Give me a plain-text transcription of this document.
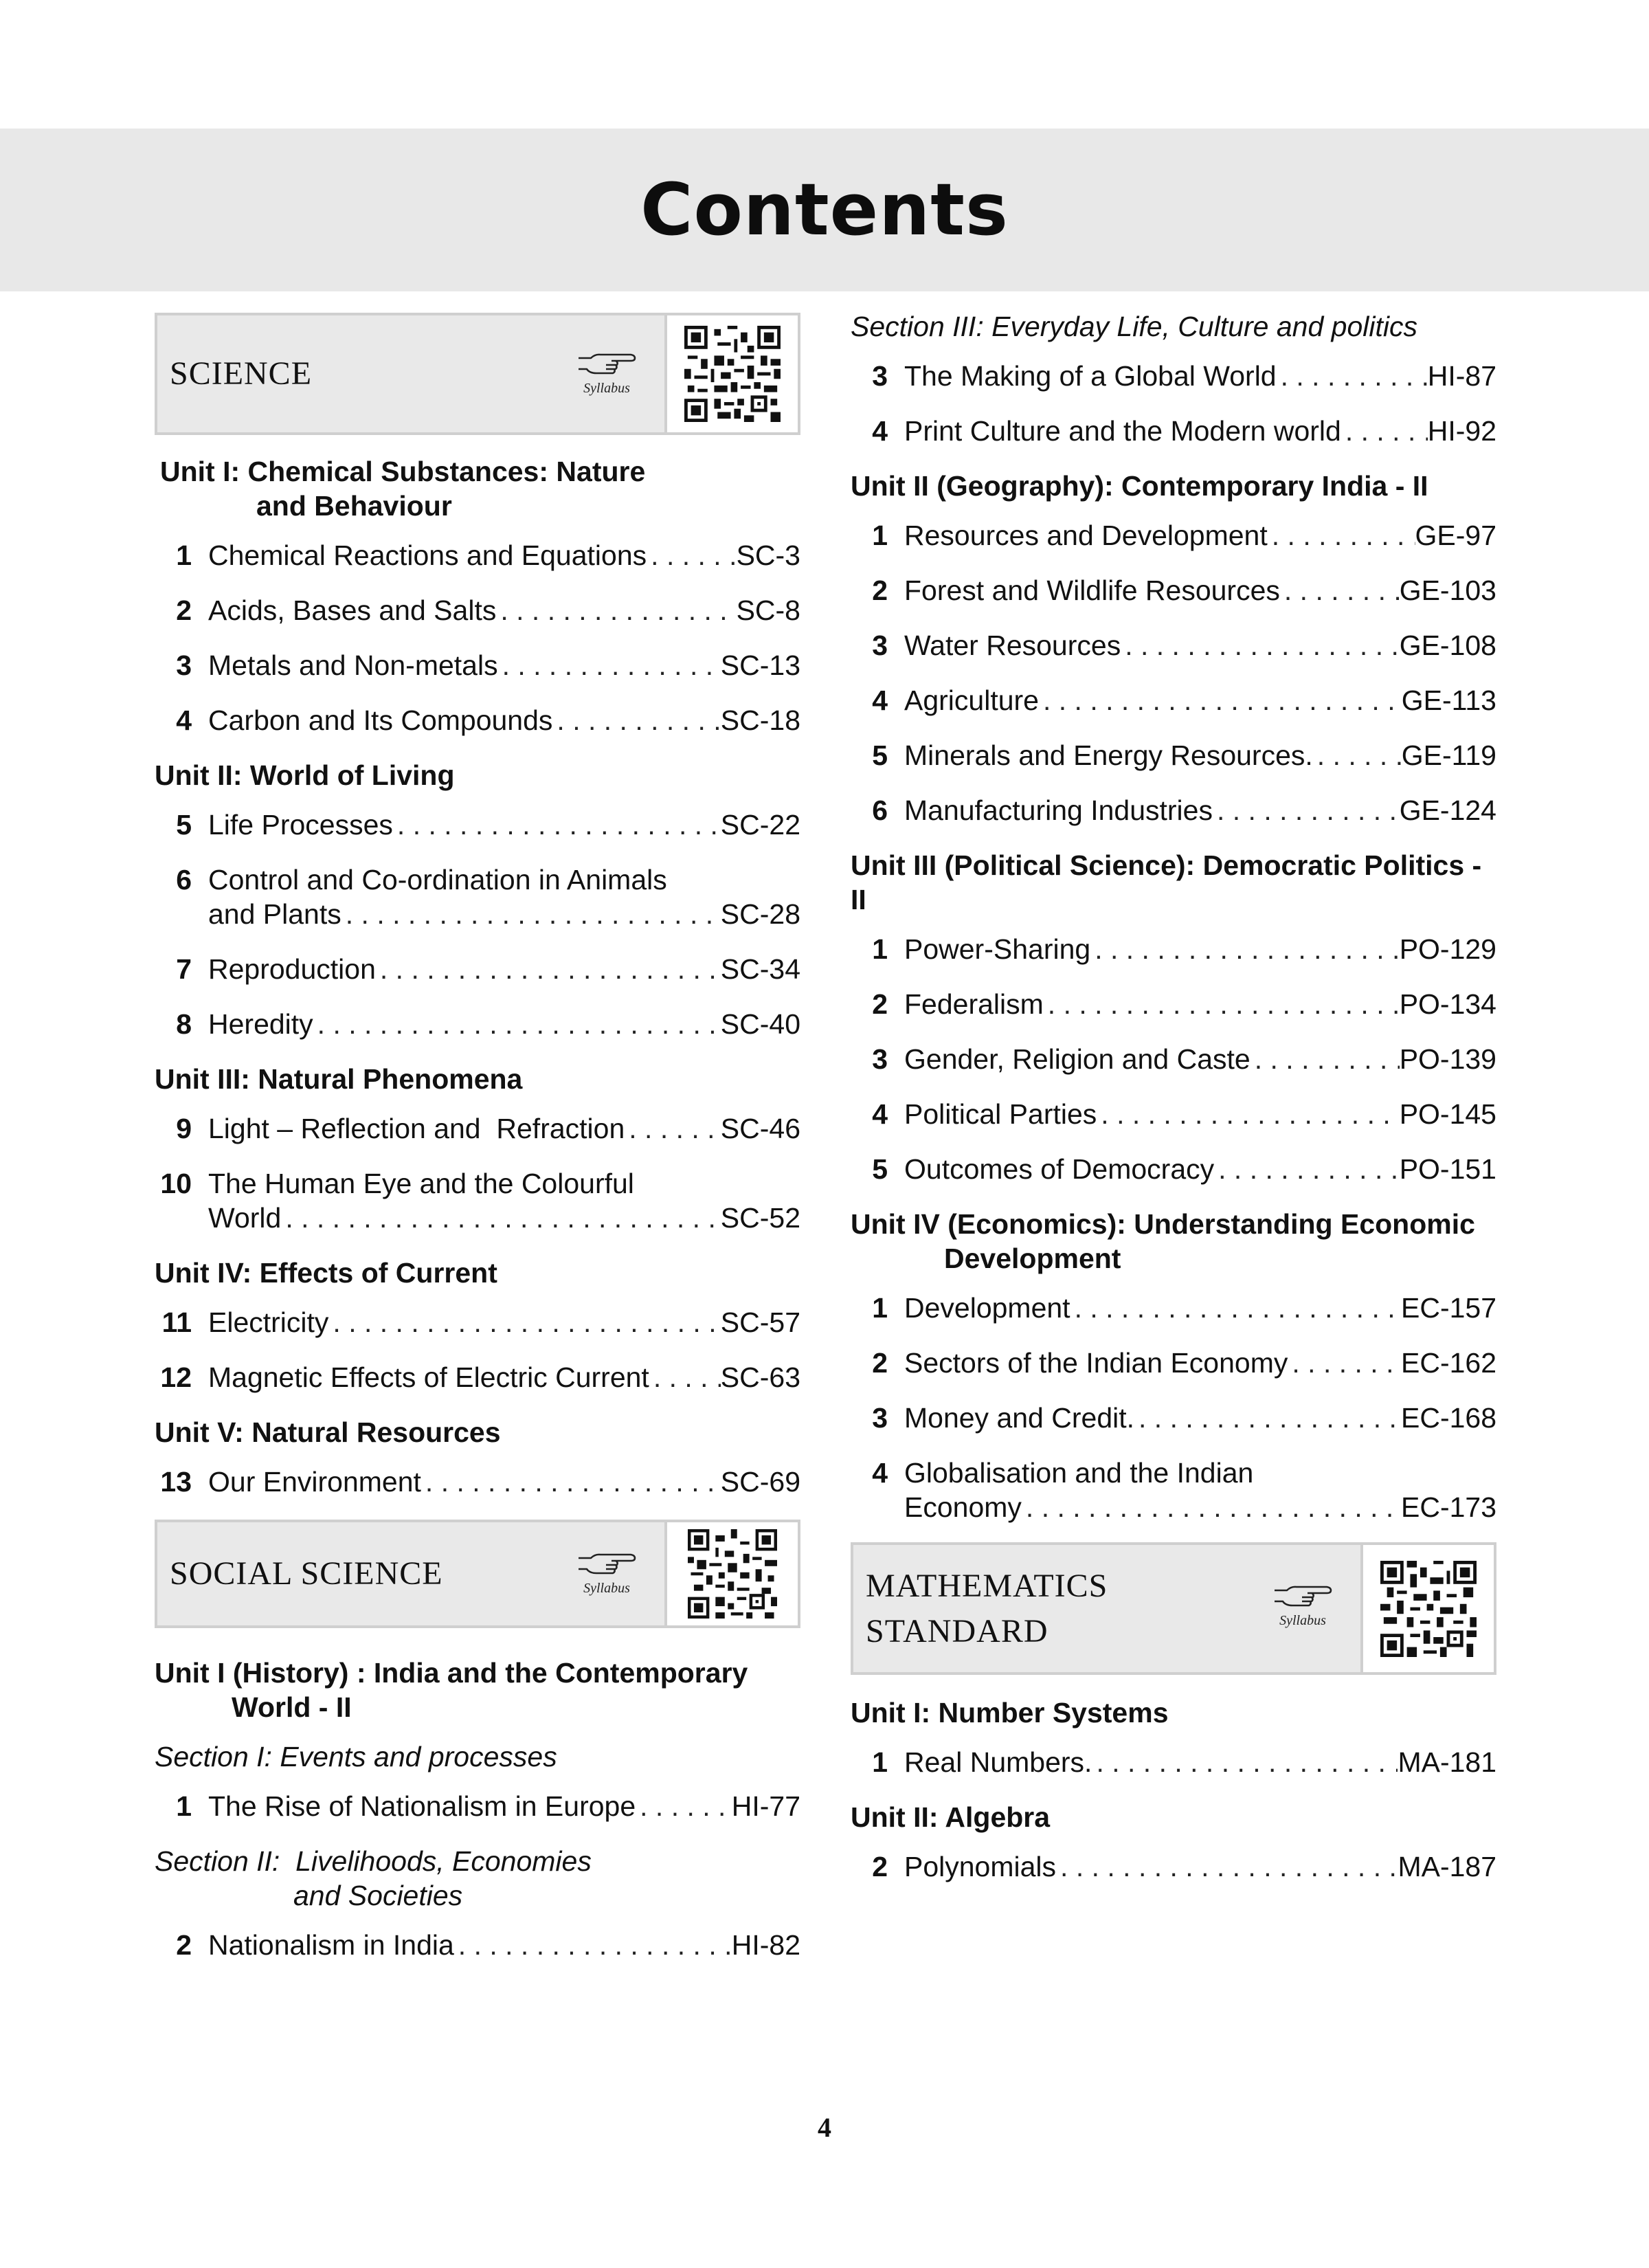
Contents
SCIENCE	Syllabus
Unit I: Chemical Substances: Nature
and Behaviour
1 Chemical Reactions and Equations . . .	SC-3
2 Acids, Bases and Salts . . .	SC-8
3 Metals and Non-metals . . .	SC-13
4 Carbon and Its Compounds . . .	SC-18
Unit II: World of Living
5 Life Processes . . .	SC-22
6 Control and Co-ordination in Animals
and Plants . . .	SC-28
7 Reproduction . . .	SC-34
8 Heredity . . .	SC-40
Unit III: Natural Phenomena
9 Light – Reflection and  Refraction . . .	SC-46
10 The Human Eye and the Colourful
World . . .	SC-52
Unit IV: Effects of Current
11 Electricity . . .	SC-57
12 Magnetic Effects of Electric Current . . .	SC-63
Unit V: Natural Resources
13 Our Environment . . .	SC-69
SOCIAL SCIENCE	Syllabus
Unit I (History) : India and the Contemporary
World - II
Section I: Events and processes
1 The Rise of Nationalism in Europe . . .	HI-77
Section II:  Livelihoods, Economies
and Societies
2 Nationalism in India . . .	HI-82
Section III: Everyday Life, Culture and politics
3 The Making of a Global World . . .	HI-87
4 Print Culture and the Modern world . . .	HI-92
Unit II (Geography): Contemporary India - II
1 Resources and Development . . .	GE-97
2 Forest and Wildlife Resources . . .	GE-103
3 Water Resources . . .	GE-108
4 Agriculture . . .	GE-113
5 Minerals and Energy Resources. . . .	GE-119
6 Manufacturing Industries . . .	GE-124
Unit III (Political Science): Democratic Politics - II
1 Power-Sharing . . .	PO-129
2 Federalism . . .	PO-134
3 Gender, Religion and Caste . . .	PO-139
4 Political Parties . . .	PO-145
5 Outcomes of Democracy . . .	PO-151
Unit IV (Economics): Understanding Economic
Development
1 Development . . .	EC-157
2 Sectors of the Indian Economy . . .	EC-162
3 Money and Credit. . . .	EC-168
4 Globalisation and the Indian
Economy . . .	EC-173
MATHEMATICS
STANDARD	Syllabus
Unit I: Number Systems
1 Real Numbers. . . .	MA-181
Unit II: Algebra
2 Polynomials . . .	MA-187
4
